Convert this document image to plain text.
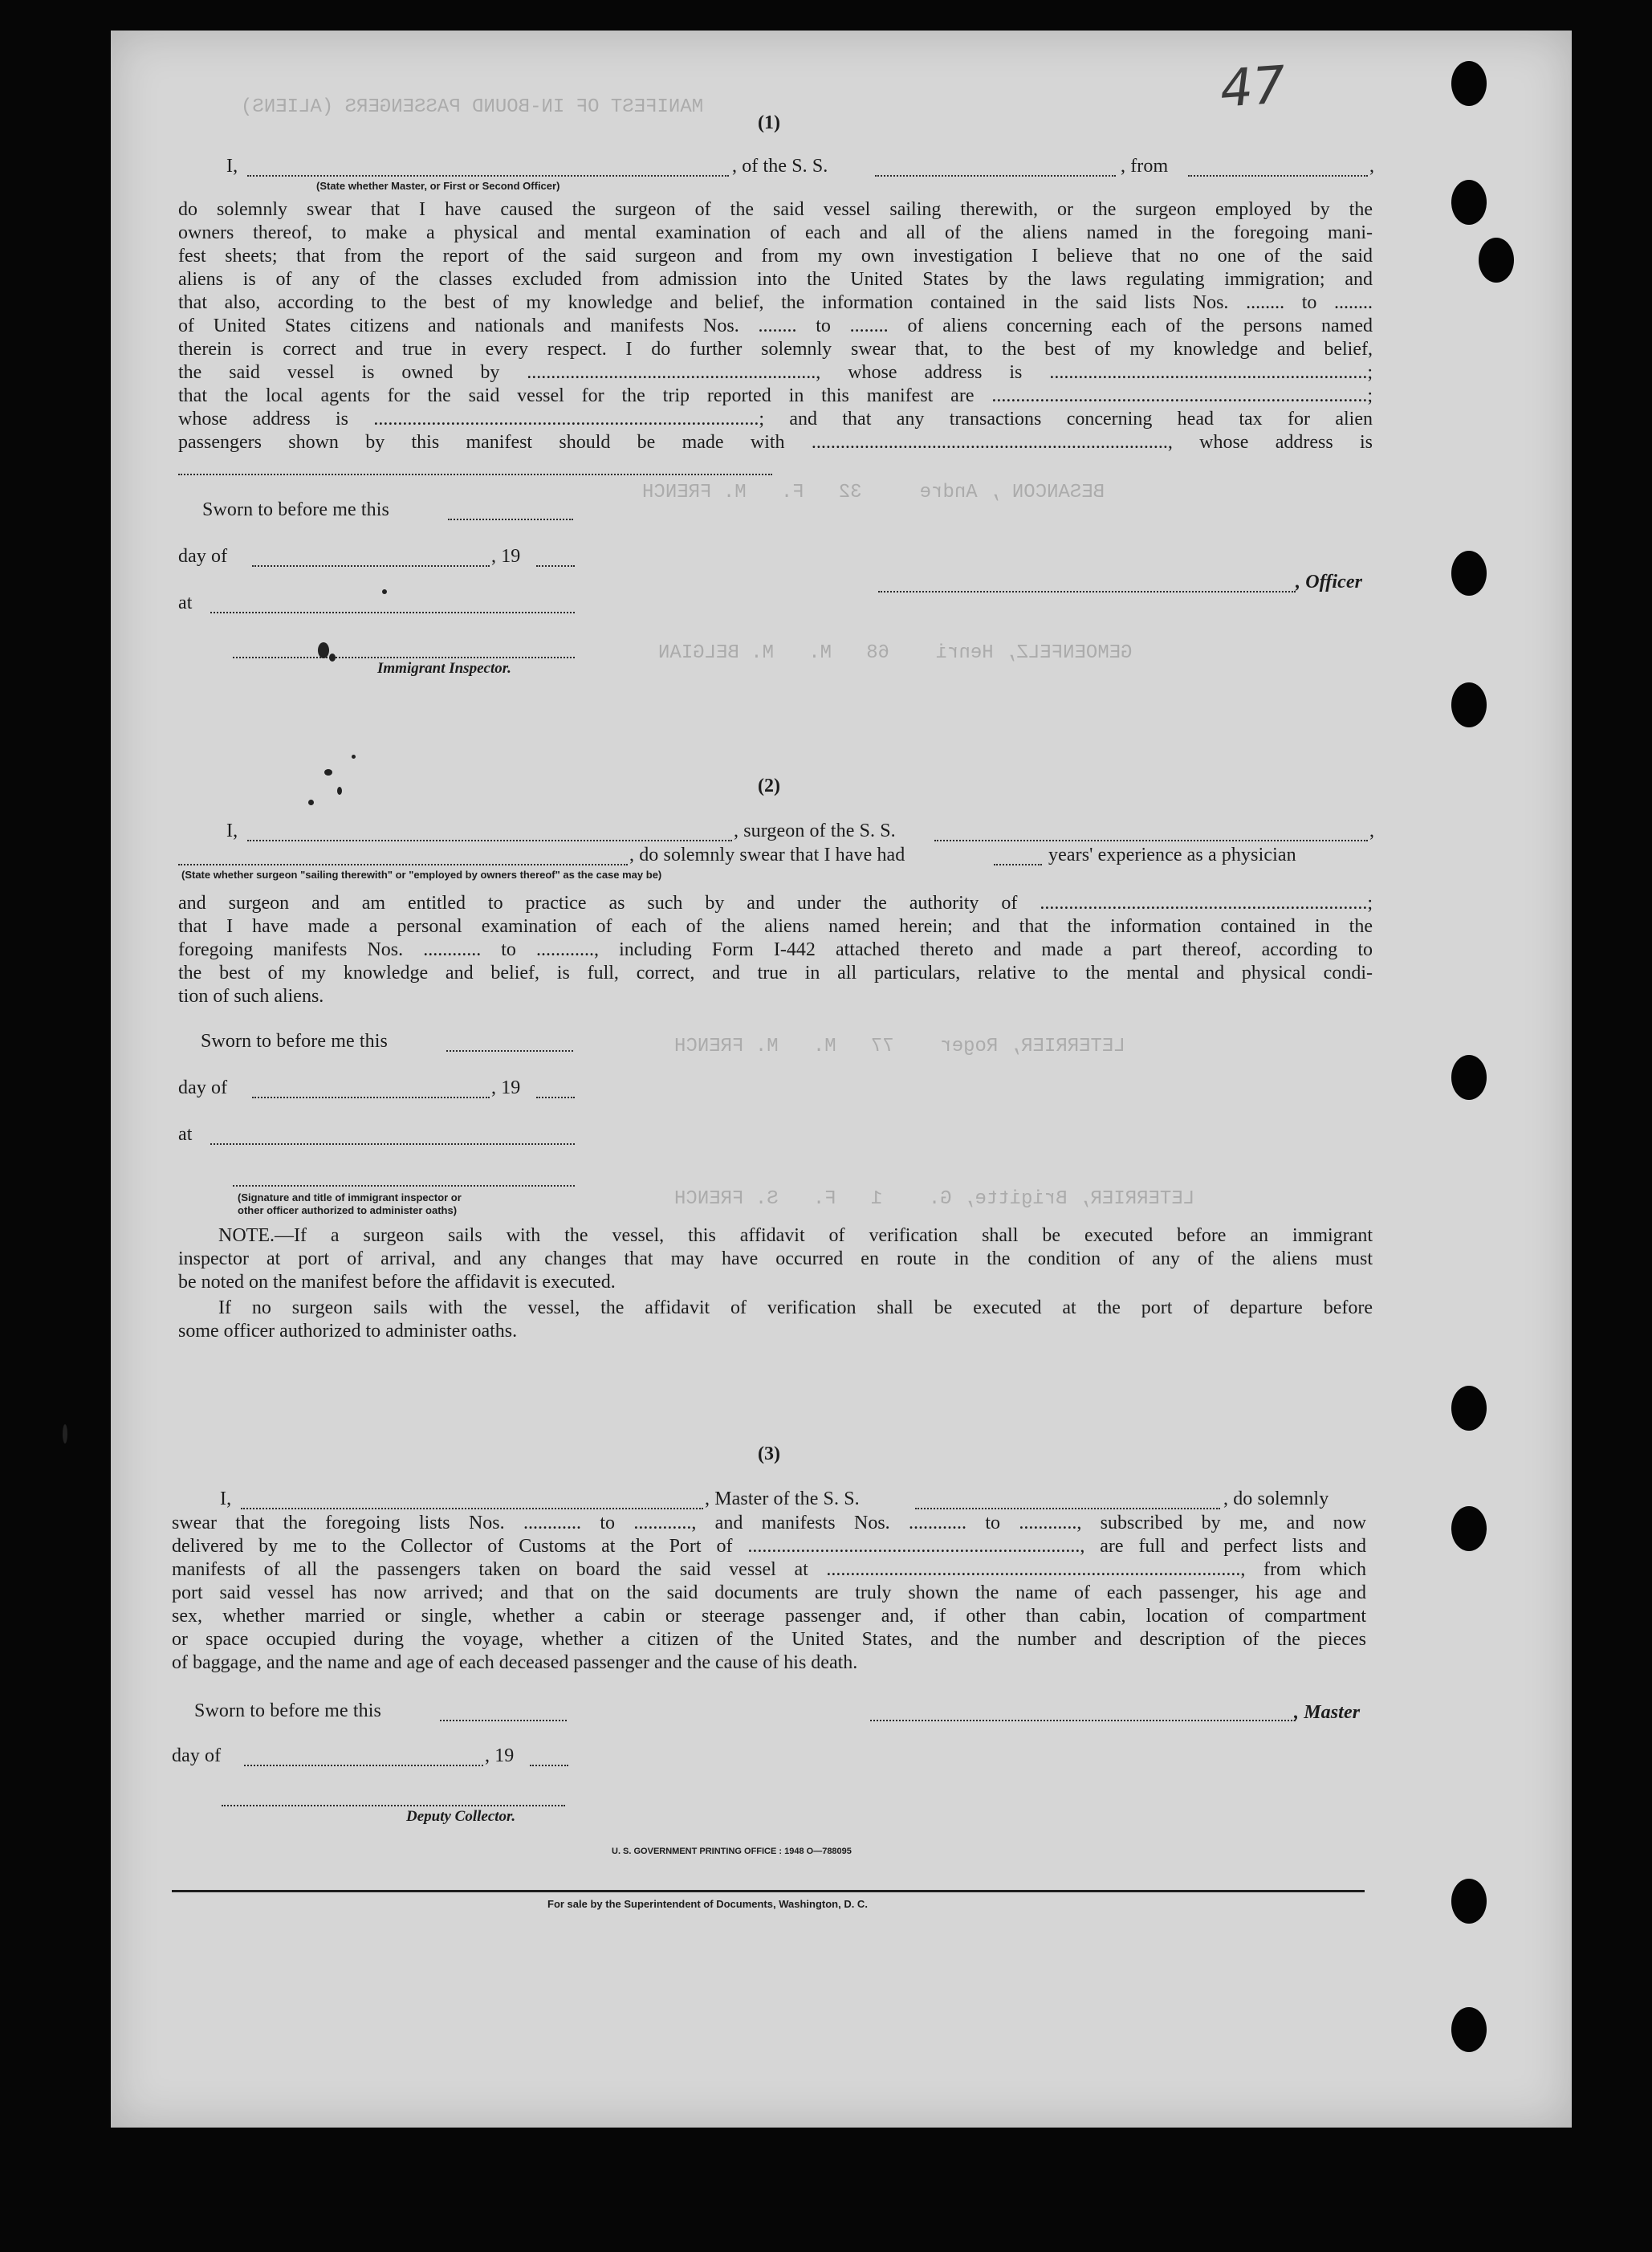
MANIFEST OF IN-BOUND PASSENGERS (ALIENS)
BESANCON , Andre     32   F.   M. FRENCH
GEMOENFELZ, Henri    68   M.   M. BELGIAN
LETERRIER, Roger    77   M.   M. FRENCH
LETERRIER, Brigitte, G.    1   F.   S. FRENCH
47
(1)
I,	, of the S. S.	, from	,
(State whether Master, or First or Second Officer)
do solemnly swear that I have caused the surgeon of the said vessel sailing therewith, or the surgeon employed by the
owners thereof, to make a physical and mental examination of each and all of the aliens named in the foregoing mani-
fest sheets; that from the report of the said surgeon and from my own investigation I believe that no one of the said
aliens is of any of the classes excluded from admission into the United States by the laws regulating immigration; and
that also, according to the best of my knowledge and belief, the information contained in the said lists Nos. ........ to ........
of United States citizens and nationals and manifests Nos. ........ to ........ of aliens concerning each of the persons named
therein is correct and true in every respect. I do further solemnly swear that, to the best of my knowledge and belief,
the said vessel is owned by ............................................................, whose address is ..................................................................;
that the local agents for the said vessel for the trip reported in this manifest are ..............................................................................;
whose address is ................................................................................; and that any transactions concerning head tax for alien
passengers shown by this manifest should be made with .........................................................................., whose address is
Sworn to before me this
day of	, 19
at
, Officer
Immigrant Inspector.
(2)
I,	, surgeon of the S. S.	,
, do solemnly swear that I have had	years' experience as a physician
(State whether surgeon "sailing therewith" or "employed by owners thereof" as the case may be)
and surgeon and am entitled to practice as such by and under the authority of ....................................................................;
that I have made a personal examination of each of the aliens named herein; and that the information contained in the
foregoing manifests Nos. ............ to ............, including Form I-442 attached thereto and made a part thereof, according to
the best of my knowledge and belief, is full, correct, and true in all particulars, relative to the mental and physical condi-
tion of such aliens.
Sworn to before me this
day of	, 19
at
(Signature and title of immigrant inspector or
other officer authorized to administer oaths)
NOTE.—If a surgeon sails with the vessel, this affidavit of verification shall be executed before an immigrant
inspector at port of arrival, and any changes that may have occurred en route in the condition of any of the aliens must
be noted on the manifest before the affidavit is executed.
If no surgeon sails with the vessel, the affidavit of verification shall be executed at the port of departure before
some officer authorized to administer oaths.
(3)
I,	, Master of the S. S.	, do solemnly
swear that the foregoing lists Nos. ............ to ............, and manifests Nos. ............ to ............, subscribed by me, and now
delivered by me to the Collector of Customs at the Port of ....................................................................., are full and perfect lists and
manifests of all the passengers taken on board the said vessel at ......................................................................................, from which
port said vessel has now arrived; and that on the said documents are truly shown the name of each passenger, his age and
sex, whether married or single, whether a cabin or steerage passenger and, if other than cabin, location of compartment
or space occupied during the voyage, whether a citizen of the United States, and the number and description of the pieces
of baggage, and the name and age of each deceased passenger and the cause of his death.
Sworn to before me this	, Master
day of	, 19
Deputy Collector.
U. S. GOVERNMENT PRINTING OFFICE : 1948 O—788095
For sale by the Superintendent of Documents, Washington, D. C.
